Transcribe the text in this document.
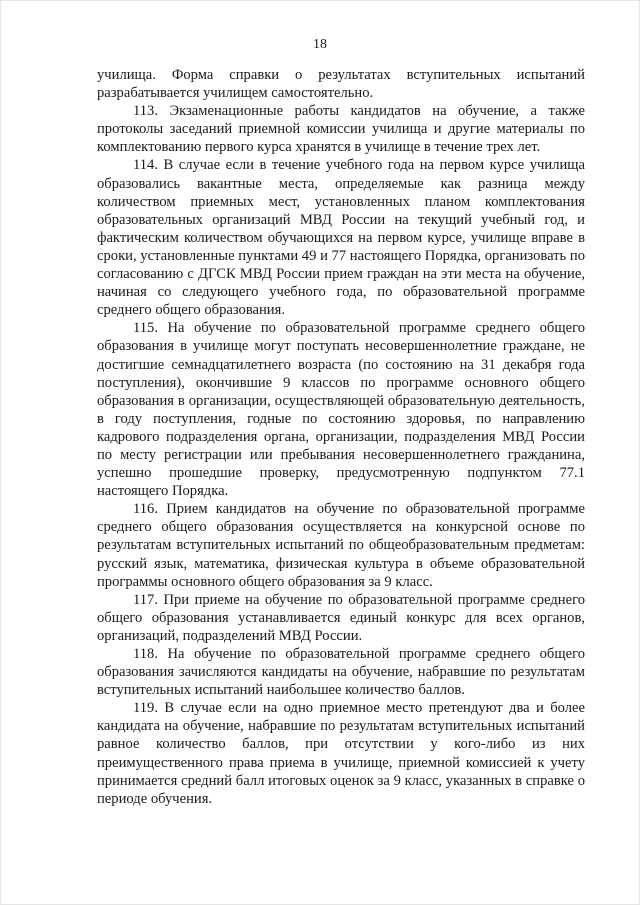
18

училища. Форма справки о результатах вступительных испытаний разрабатывается училищем самостоятельно.

113. Экзаменационные работы кандидатов на обучение, а также протоколы заседаний приемной комиссии училища и другие материалы по комплектованию первого курса хранятся в училище в течение трех лет.

114. В случае если в течение учебного года на первом курсе училища образовались вакантные места, определяемые как разница между количеством приемных мест, установленных планом комплектования образовательных организаций МВД России на текущий учебный год, и фактическим количеством обучающихся на первом курсе, училище вправе в сроки, установленные пунктами 49 и 77 настоящего Порядка, организовать по согласованию с ДГСК МВД России прием граждан на эти места на обучение, начиная со следующего учебного года, по образовательной программе среднего общего образования.

115. На обучение по образовательной программе среднего общего образования в училище могут поступать несовершеннолетние граждане, не достигшие семнадцатилетнего возраста (по состоянию на 31 декабря года поступления), окончившие 9 классов по программе основного общего образования в организации, осуществляющей образовательную деятельность, в году поступления, годные по состоянию здоровья, по направлению кадрового подразделения органа, организации, подразделения МВД России по месту регистрации или пребывания несовершеннолетнего гражданина, успешно прошедшие проверку, предусмотренную подпунктом 77.1 настоящего Порядка.

116. Прием кандидатов на обучение по образовательной программе среднего общего образования осуществляется на конкурсной основе по результатам вступительных испытаний по общеобразовательным предметам: русский язык, математика, физическая культура в объеме образовательной программы основного общего образования за 9 класс.

117. При приеме на обучение по образовательной программе среднего общего образования устанавливается единый конкурс для всех органов, организаций, подразделений МВД России.

118. На обучение по образовательной программе среднего общего образования зачисляются кандидаты на обучение, набравшие по результатам вступительных испытаний наибольшее количество баллов.

119. В случае если на одно приемное место претендуют два и более кандидата на обучение, набравшие по результатам вступительных испытаний равное количество баллов, при отсутствии у кого-либо из них преимущественного права приема в училище, приемной комиссией к учету принимается средний балл итоговых оценок за 9 класс, указанных в справке о периоде обучения.
